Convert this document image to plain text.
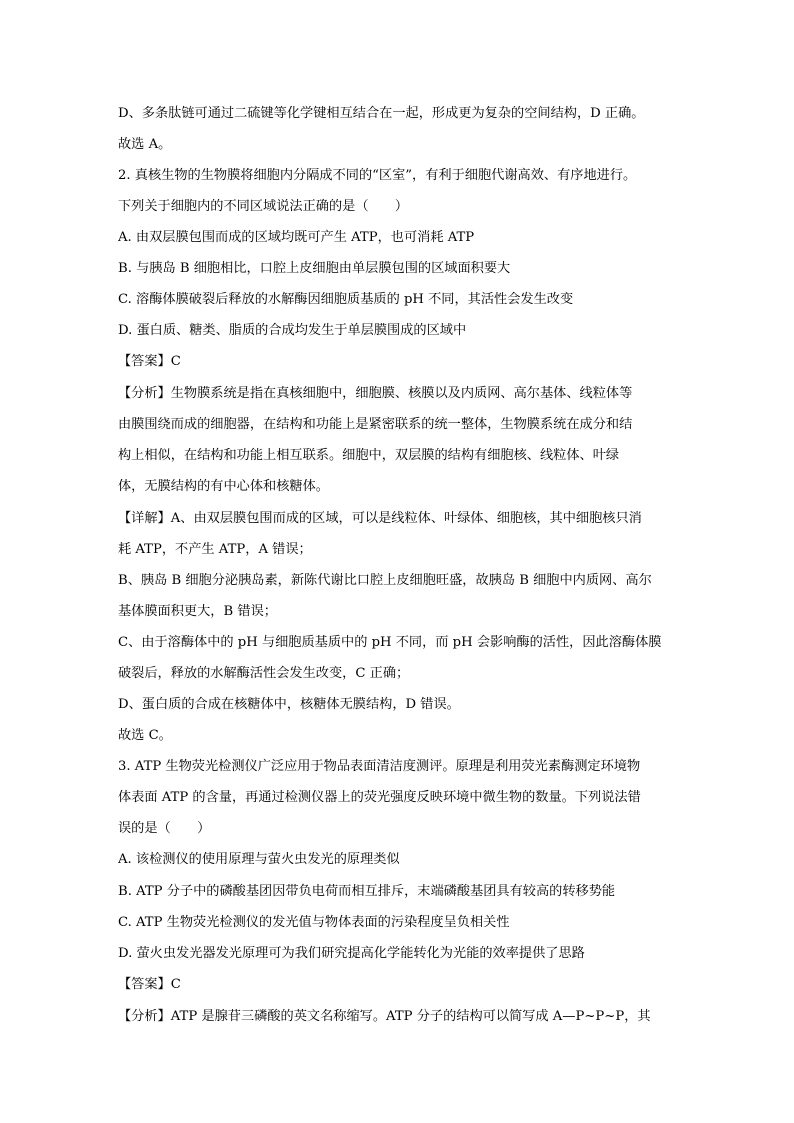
D、多条肽链可通过二硫键等化学键相互结合在一起，形成更为复杂的空间结构，D 正确。
故选 A。
2. 真核生物的生物膜将细胞内分隔成不同的“区室”，有利于细胞代谢高效、有序地进行。
下列关于细胞内的不同区域说法正确的是（　　）
A. 由双层膜包围而成的区域均既可产生 ATP，也可消耗 ATP
B. 与胰岛 B 细胞相比，口腔上皮细胞由单层膜包围的区域面积要大
C. 溶酶体膜破裂后释放的水解酶因细胞质基质的 pH 不同，其活性会发生改变
D. 蛋白质、糖类、脂质的合成均发生于单层膜围成的区域中
【答案】C
【分析】生物膜系统是指在真核细胞中，细胞膜、核膜以及内质网、高尔基体、线粒体等
由膜围绕而成的细胞器，在结构和功能上是紧密联系的统一整体，生物膜系统在成分和结
构上相似，在结构和功能上相互联系。细胞中，双层膜的结构有细胞核、线粒体、叶绿
体，无膜结构的有中心体和核糖体。
【详解】A、由双层膜包围而成的区域，可以是线粒体、叶绿体、细胞核，其中细胞核只消
耗 ATP，不产生 ATP，A 错误；
B、胰岛 B 细胞分泌胰岛素，新陈代谢比口腔上皮细胞旺盛，故胰岛 B 细胞中内质网、高尔
基体膜面积更大，B 错误；
C、由于溶酶体中的 pH 与细胞质基质中的 pH 不同，而 pH 会影响酶的活性，因此溶酶体膜
破裂后，释放的水解酶活性会发生改变，C 正确；
D、蛋白质的合成在核糖体中，核糖体无膜结构，D 错误。
故选 C。
3. ATP 生物荧光检测仪广泛应用于物品表面清洁度测评。原理是利用荧光素酶测定环境物
体表面 ATP 的含量，再通过检测仪器上的荧光强度反映环境中微生物的数量。下列说法错
误的是（　　）
A. 该检测仪的使用原理与萤火虫发光的原理类似
B. ATP 分子中的磷酸基团因带负电荷而相互排斥，末端磷酸基团具有较高的转移势能
C. ATP 生物荧光检测仪的发光值与物体表面的污染程度呈负相关性
D. 萤火虫发光器发光原理可为我们研究提高化学能转化为光能的效率提供了思路
【答案】C
【分析】ATP 是腺苷三磷酸的英文名称缩写。ATP 分子的结构可以简写成 A—P~P~P，其
